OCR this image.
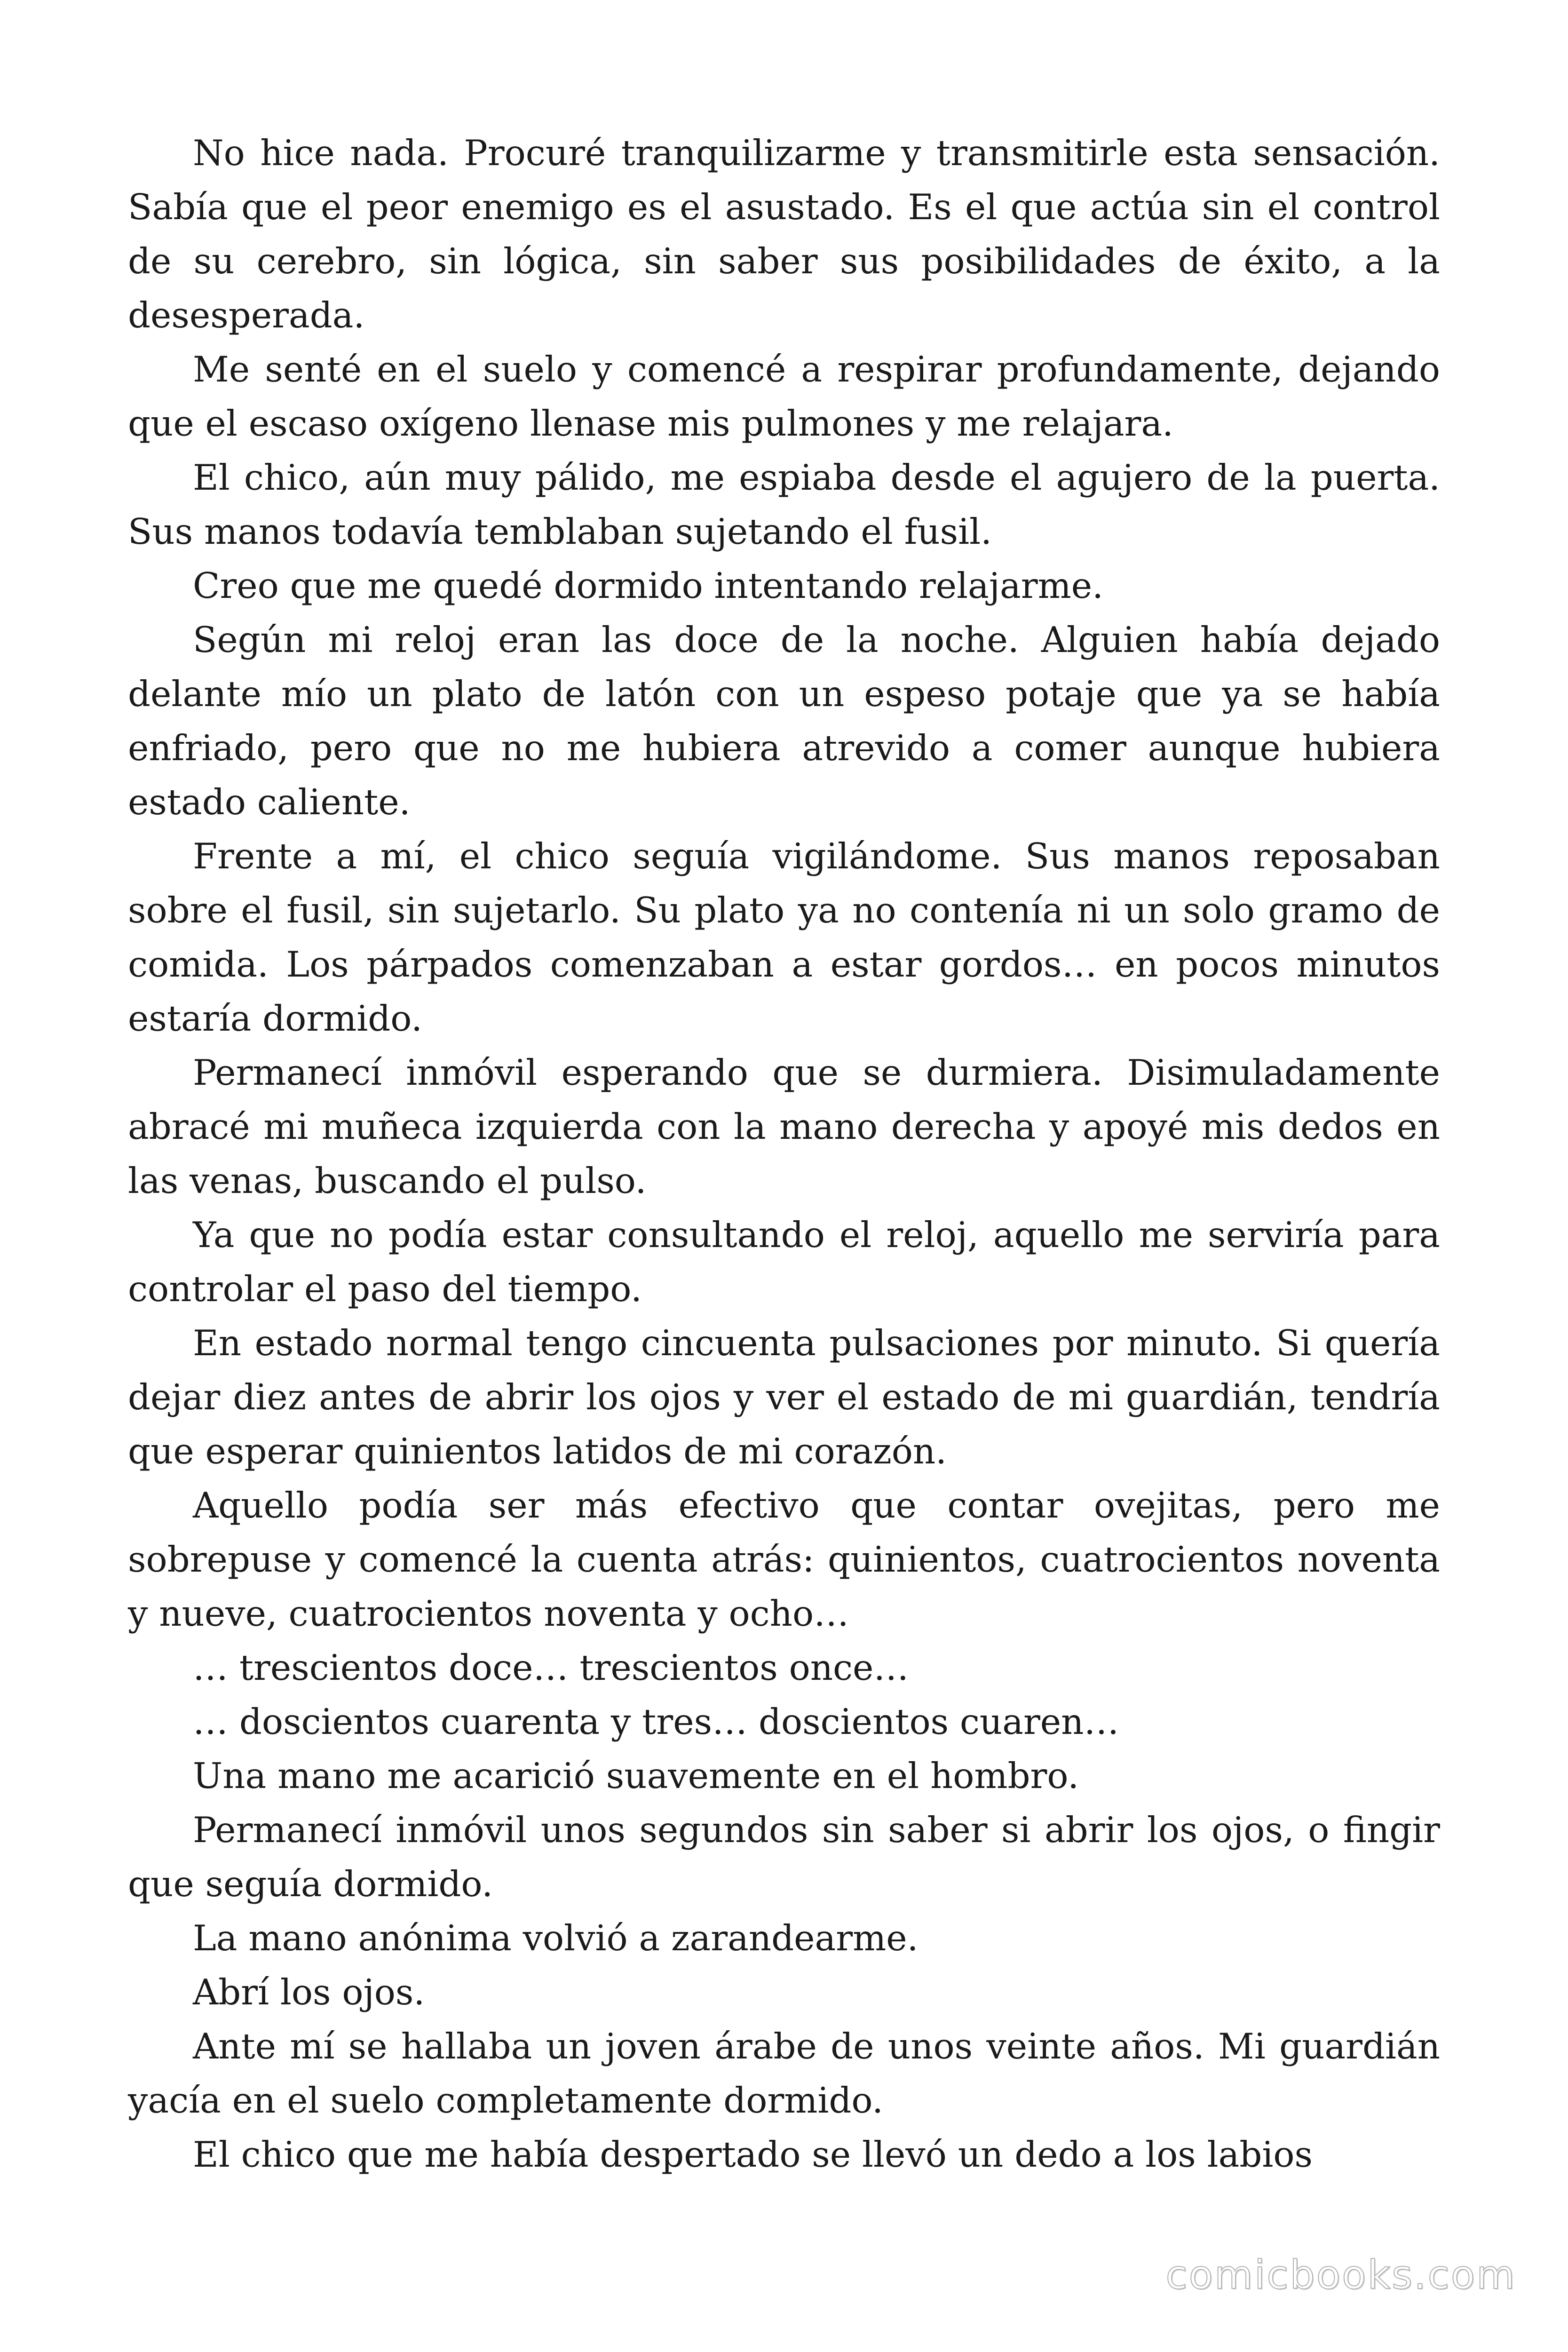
No hice nada. Procuré tranquilizarme y transmitirle esta sensación. Sabía que el peor enemigo es el asustado. Es el que actúa sin el control de su cerebro, sin lógica, sin saber sus posibilidades de éxito, a la desesperada.

Me senté en el suelo y comencé a respirar profundamente, dejando que el escaso oxígeno llenase mis pulmones y me relajara.

El chico, aún muy pálido, me espiaba desde el agujero de la puerta. Sus manos todavía temblaban sujetando el fusil.

Creo que me quedé dormido intentando relajarme.

Según mi reloj eran las doce de la noche. Alguien había dejado delante mío un plato de latón con un espeso potaje que ya se había enfriado, pero que no me hubiera atrevido a comer aunque hubiera estado caliente.

Frente a mí, el chico seguía vigilándome. Sus manos reposaban sobre el fusil, sin sujetarlo. Su plato ya no contenía ni un solo gramo de comida. Los párpados comenzaban a estar gordos… en pocos minutos estaría dormido.

Permanecí inmóvil esperando que se durmiera. Disimuladamente abracé mi muñeca izquierda con la mano derecha y apoyé mis dedos en las venas, buscando el pulso.

Ya que no podía estar consultando el reloj, aquello me serviría para controlar el paso del tiempo.

En estado normal tengo cincuenta pulsaciones por minuto. Si quería dejar diez antes de abrir los ojos y ver el estado de mi guardián, tendría que esperar quinientos latidos de mi corazón.

Aquello podía ser más efectivo que contar ovejitas, pero me sobrepuse y comencé la cuenta atrás: quinientos, cuatrocientos noventa y nueve, cuatrocientos noventa y ocho…

… trescientos doce… trescientos once…

… doscientos cuarenta y tres… doscientos cuaren…

Una mano me acarició suavemente en el hombro.

Permanecí inmóvil unos segundos sin saber si abrir los ojos, o fingir que seguía dormido.

La mano anónima volvió a zarandearme.

Abrí los ojos.

Ante mí se hallaba un joven árabe de unos veinte años. Mi guardián yacía en el suelo completamente dormido.

El chico que me había despertado se llevó un dedo a los labios

comicbooks.com
